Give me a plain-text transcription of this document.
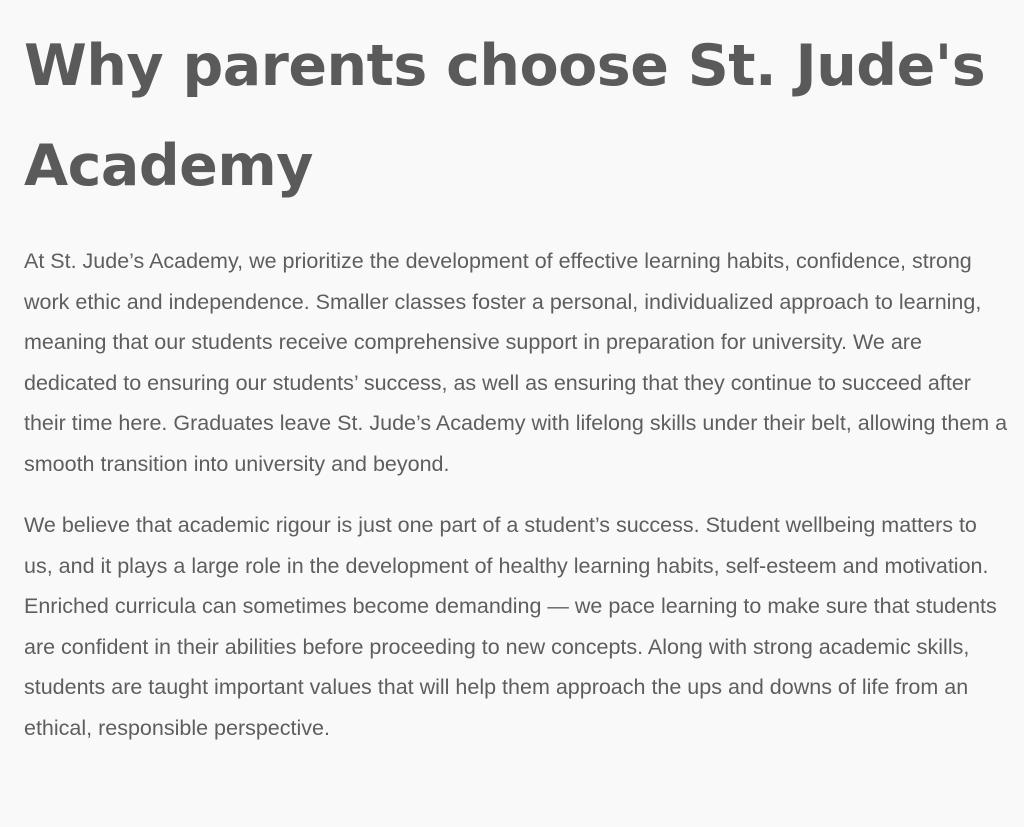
Why parents choose St. Jude's Academy

At St. Jude’s Academy, we prioritize the development of effective learning habits, confidence, strong work ethic and independence. Smaller classes foster a personal, individualized approach to learning, meaning that our students receive comprehensive support in preparation for university. We are dedicated to ensuring our students’ success, as well as ensuring that they continue to succeed after their time here. Graduates leave St. Jude’s Academy with lifelong skills under their belt, allowing them a smooth transition into university and beyond.

We believe that academic rigour is just one part of a student’s success. Student wellbeing matters to us, and it plays a large role in the development of healthy learning habits, self-esteem and motivation. Enriched curricula can sometimes become demanding — we pace learning to make sure that students are confident in their abilities before proceeding to new concepts. Along with strong academic skills, students are taught important values that will help them approach the ups and downs of life from an ethical, responsible perspective.
